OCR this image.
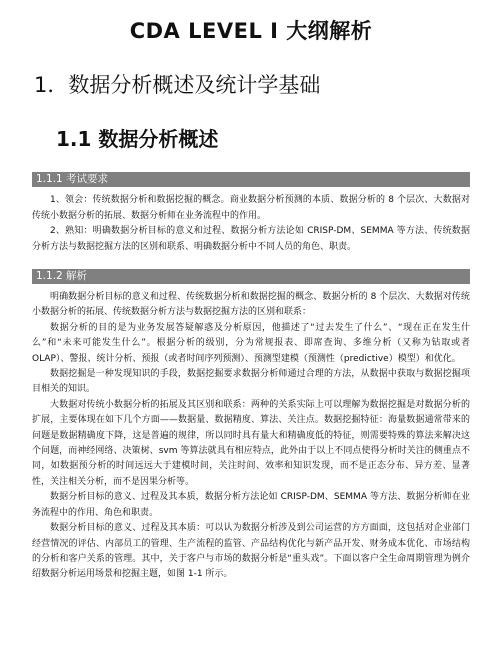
CDA LEVEL I 大纲解析
1．数据分析概述及统计学基础
1.1 数据分析概述
1.1.1 考试要求

1、领会：传统数据分析和数据挖掘的概念。商业数据分析预测的本质、数据分析的 8 个层次、大数据对传统小数据分析的拓展、数据分析师在业务流程中的作用。

2、熟知：明确数据分析目标的意义和过程、数据分析方法论如 CRISP-DM、SEMMA 等方法、传统数据分析方法与数据挖掘方法的区别和联系、明确数据分析中不同人员的角色、职责。

1.1.2 解析

明确数据分析目标的意义和过程、传统数据分析和数据挖掘的概念、数据分析的 8 个层次、大数据对传统小数据分析的拓展、传统数据分析方法与数据挖掘方法的区别和联系：

数据分析的目的是为业务发展答疑解惑及分析原因，他描述了“过去发生了什么”、“现在正在发生什么”和“未来可能发生什么”。根据分析的级别，分为常规报表、即席查询、多维分析（又称为钻取或者 OLAP）、警报、统计分析、预报（或者时间序列预测）、预测型建模（预测性（predictive）模型）和优化。

数据挖掘是一种发现知识的手段，数据挖掘要求数据分析师通过合理的方法，从数据中获取与数据挖掘项目相关的知识。

大数据对传统小数据分析的拓展及其区别和联系：两种的关系实际上可以理解为数据挖掘是对数据分析的扩展，主要体现在如下几个方面——数据量、数据精度、算法、关注点。数据挖掘特征：海量数据通常带来的问题是数据精确度下降，这是普遍的规律，所以同时具有量大和精确度低的特征，则需要特殊的算法来解决这个问题，而神经网络、决策树、svm 等算法就具有相应特点，此外由于以上不同点使得分析时关注的侧重点不同，如数据预分析的时间远远大于建模时间，关注时间、效率和知识发现，而不是正态分布、异方差、显著性，关注相关分析，而不是因果分析等。

数据分析目标的意义、过程及其本质，数据分析方法论如 CRISP-DM、SEMMA 等方法、数据分析师在业务流程中的作用、角色和职责。

数据分析目标的意义、过程及其本质：可以认为数据分析涉及到公司运营的方方面面，这包括对企业部门经营情况的评估、内部员工的管理、生产流程的监管、产品结构优化与新产品开发、财务成本优化、市场结构的分析和客户关系的管理。其中，关于客户与市场的数据分析是“重头戏”。下面以客户全生命周期管理为例介绍数据分析运用场景和挖掘主题，如图 1-1 所示。
